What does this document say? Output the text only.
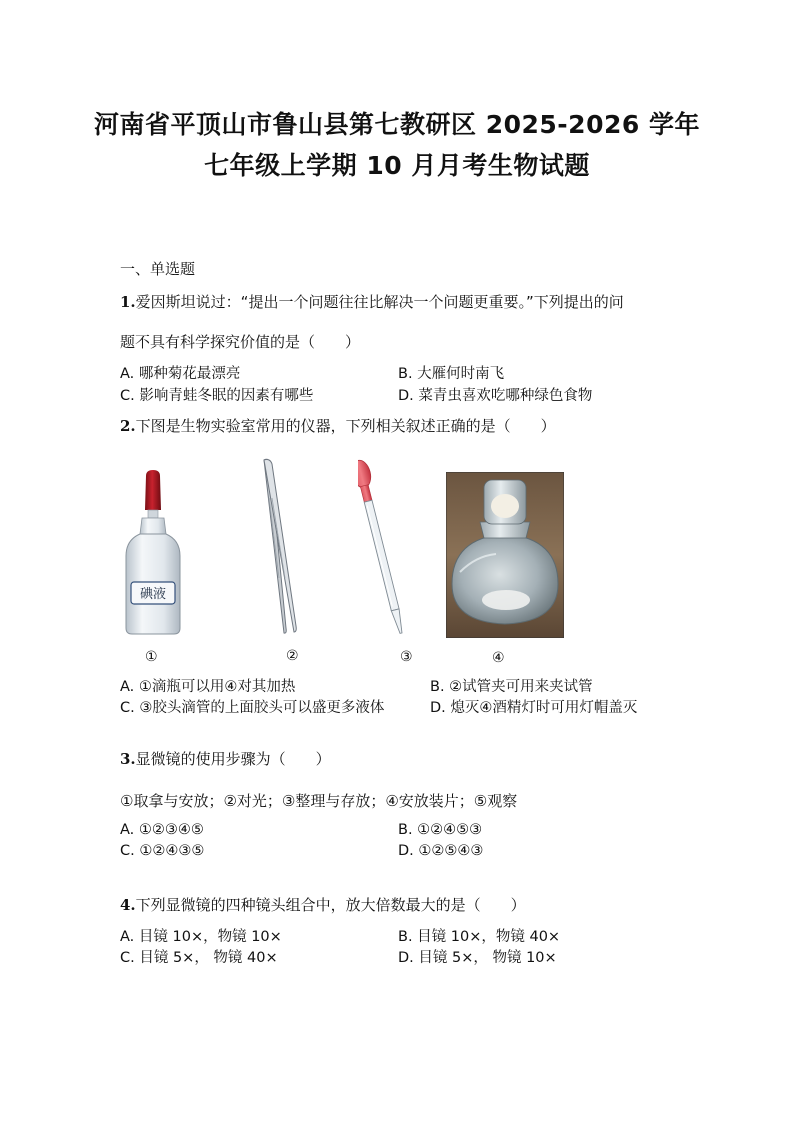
河南省平顶山市鲁山县第七教研区 2025-2026 学年
七年级上学期 10 月月考生物试题
一、单选题
1.爱因斯坦说过：“提出一个问题往往比解决一个问题更重要。”下列提出的问
题不具有科学探究价值的是（　　）
A. 哪种菊花最漂亮	B. 大雁何时南飞
C. 影响青蛙冬眠的因素有哪些	D. 菜青虫喜欢吃哪种绿色食物
2.下图是生物实验室常用的仪器，下列相关叙述正确的是（　　）
碘液
①	②	③	④
A. ①滴瓶可以用④对其加热	B. ②试管夹可用来夹试管
C. ③胶头滴管的上面胶头可以盛更多液体	D. 熄灭④酒精灯时可用灯帽盖灭
3.显微镜的使用步骤为（　　）
①取拿与安放；②对光；③整理与存放；④安放装片；⑤观察
A. ①②③④⑤	B. ①②④⑤③
C. ①②④③⑤	D. ①②⑤④③
4.下列显微镜的四种镜头组合中，放大倍数最大的是（　　）
A. 目镜 10×，物镜 10×	B. 目镜 10×，物镜 40×
C. 目镜 5×， 物镜 40×	D. 目镜 5×， 物镜 10×
